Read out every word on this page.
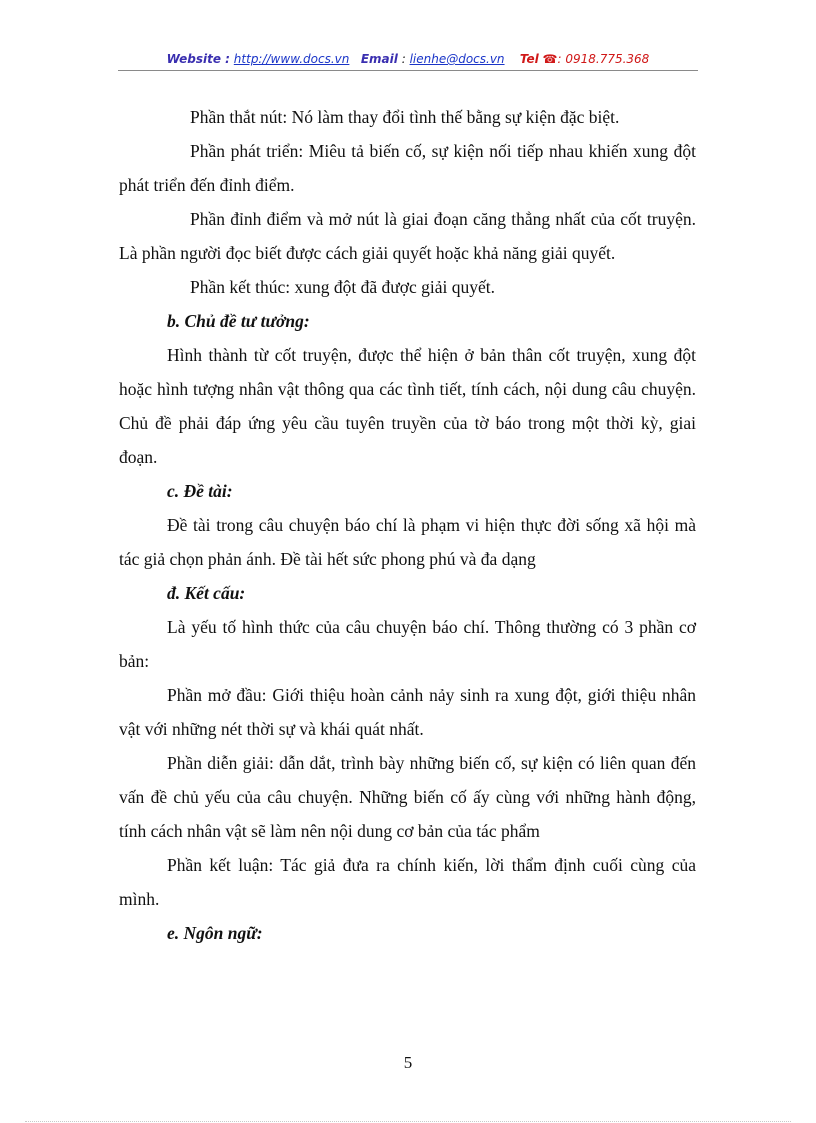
Website : http://www.docs.vn Email : lienhe@docs.vn Tel ☎: 0918.775.368

Phần thắt nút: Nó làm thay đổi tình thế bằng sự kiện đặc biệt.

Phần phát triển: Miêu tả biến cố, sự kiện nối tiếp nhau khiến xung đột phát triển đến đỉnh điểm.

Phần đỉnh điểm và mở nút là giai đoạn căng thẳng nhất của cốt truyện. Là phần người đọc biết được cách giải quyết hoặc khả năng giải quyết.

Phần kết thúc: xung đột đã được giải quyết.

b. Chủ đề tư tưởng:

Hình thành từ cốt truyện, được thể hiện ở bản thân cốt truyện, xung đột hoặc hình tượng nhân vật thông qua các tình tiết, tính cách, nội dung câu chuyện. Chủ đề phải đáp ứng yêu cầu tuyên truyền của tờ báo trong một thời kỳ, giai đoạn.

c. Đề tài:

Đề tài trong câu chuyện báo chí là phạm vi hiện thực đời sống xã hội mà tác giả chọn phản ánh. Đề tài hết sức phong phú và đa dạng

đ. Kết cấu:

Là yếu tố hình thức của câu chuyện báo chí. Thông thường có 3 phần cơ bản:

Phần mở đầu: Giới thiệu hoàn cảnh nảy sinh ra xung đột, giới thiệu nhân vật với những nét thời sự và khái quát nhất.

Phần diễn giải: dẫn dắt, trình bày những biến cố, sự kiện có liên quan đến vấn đề chủ yếu của câu chuyện. Những biến cố ấy cùng với những hành động, tính cách nhân vật sẽ làm nên nội dung cơ bản của tác phẩm

Phần kết luận: Tác giả đưa ra chính kiến, lời thẩm định cuối cùng của mình.

e. Ngôn ngữ:

5
